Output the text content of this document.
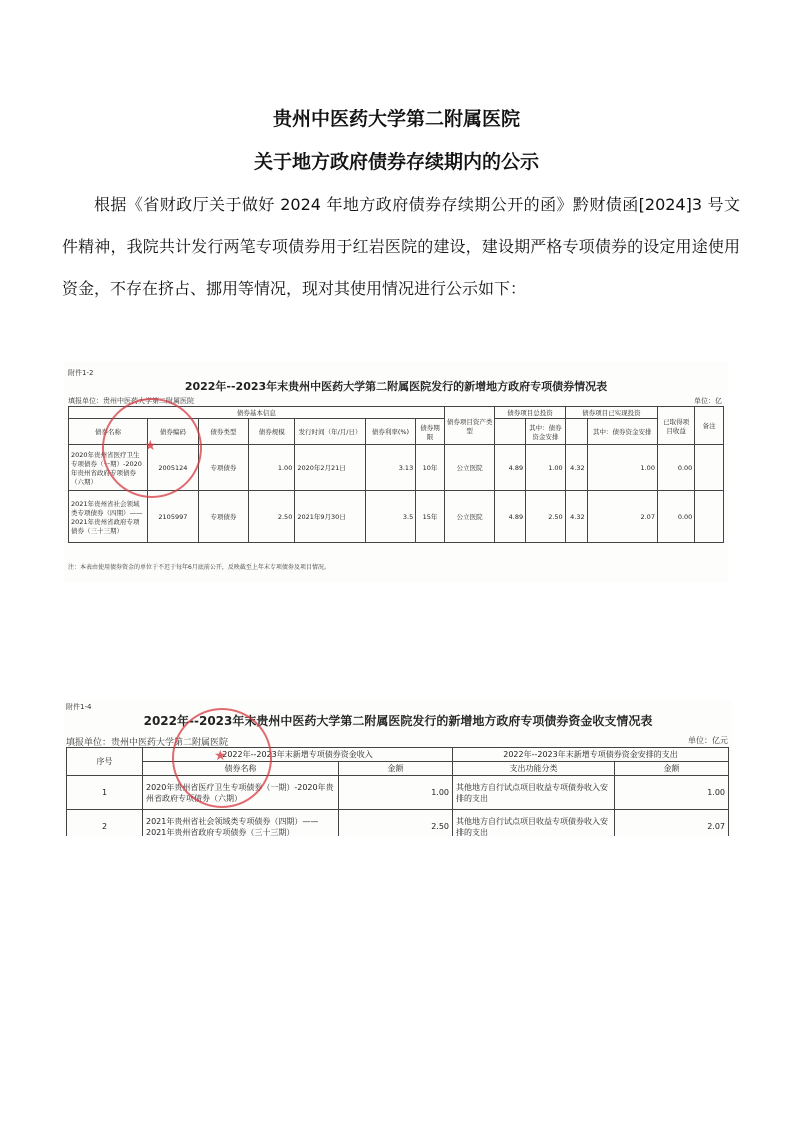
贵州中医药大学第二附属医院
关于地方政府债券存续期内的公示

根据《省财政厅关于做好 2024 年地方政府债券存续期公开的函》黔财债函[2024]3 号文件精神，我院共计发行两笔专项债券用于红岩医院的建设，建设期严格专项债券的设定用途使用资金，不存在挤占、挪用等情况，现对其使用情况进行公示如下：

附件1-2
2022年--2023年末贵州中医药大学第二附属医院发行的新增地方政府专项债券情况表
填报单位：贵州中医药大学第二附属医院	单位：亿
债券基本信息							债券项目资产类型	债券项目总投资		债券项目已实现投资		已取得项目收益	备注
债券名称	债券编码	债券类型	债券规模	发行时间（年/月/日）	债券利率(%)	债券期限			其中：债券资金安排		其中：债券资金安排		
2020年贵州省医疗卫生专项债券（一期）-2020年贵州省政府专项债券（六期）	2005124	专项债券	1.00	2020年2月21日	3.13	10年	公立医院	4.89	1.00	4.32	1.00	0.00	
2021年贵州省社会领域类专项债券（四期）——2021年贵州省政府专项债券（三十三期）	2105997	专项债券	2.50	2021年9月30日	3.5	15年	公立医院	4.89	2.50	4.32	2.07	0.00	
注：本表由使用债券资金的单位于不迟于每年6月底前公开，反映截至上年末专项债券及项目情况。
★
附件1-4
2022年--2023年末贵州中医药大学第二附属医院发行的新增地方政府专项债券资金收支情况表
填报单位：贵州中医药大学第二附属医院	单位：亿元
序号	2022年--2023年末新增专项债券资金收入		2022年--2023年末新增专项债券资金安排的支出	
	债券名称	金额	支出功能分类	金额
1	2020年贵州省医疗卫生专项债券（一期）-2020年贵州省政府专项债券（六期）	1.00	其他地方自行试点项目收益专项债券收入安排的支出	1.00
2	2021年贵州省社会领域类专项债券（四期）——2021年贵州省政府专项债券（三十三期）	2.50	其他地方自行试点项目收益专项债券收入安排的支出	2.07
★
